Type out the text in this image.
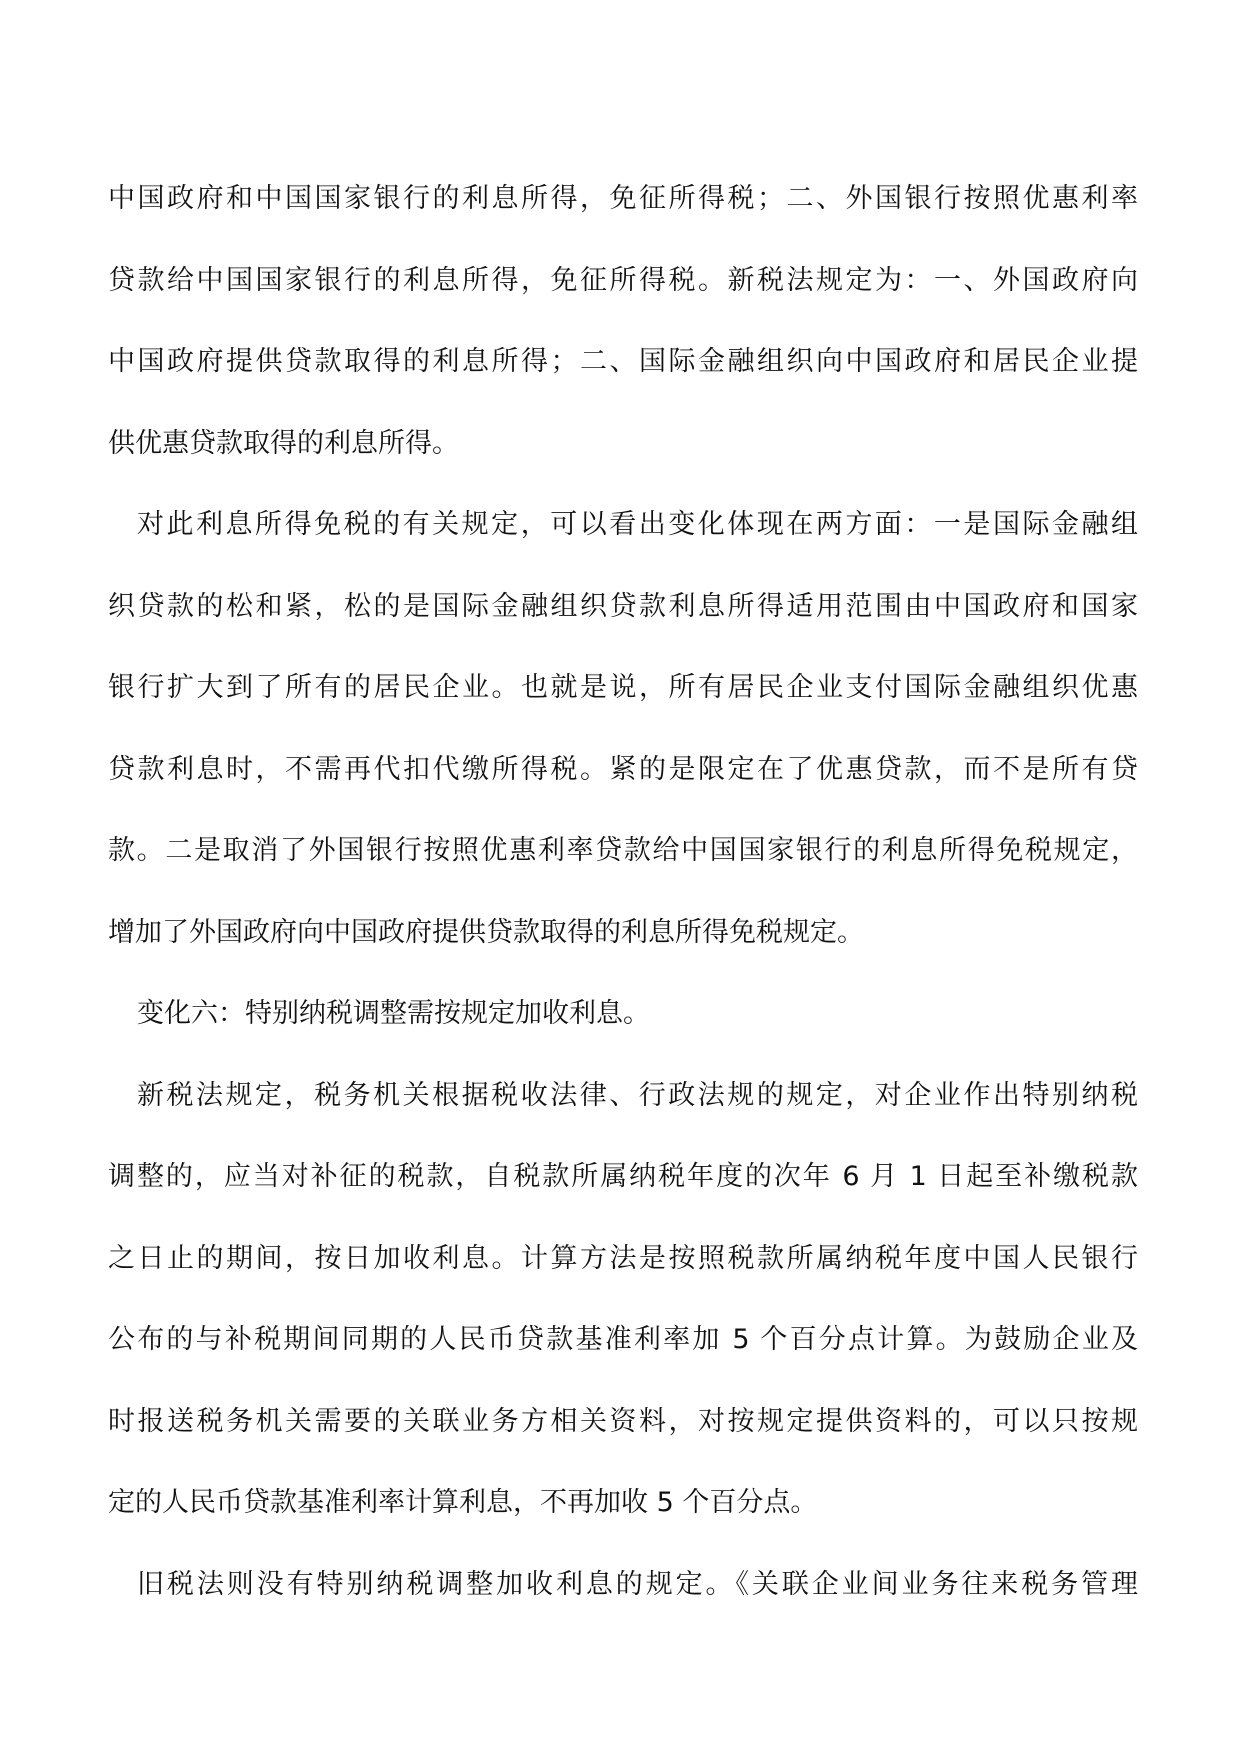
中国政府和中国国家银行的利息所得，免征所得税；二、外国银行按照优惠利率
贷款给中国国家银行的利息所得，免征所得税。新税法规定为：一、外国政府向
中国政府提供贷款取得的利息所得；二、国际金融组织向中国政府和居民企业提
供优惠贷款取得的利息所得。
对此利息所得免税的有关规定，可以看出变化体现在两方面：一是国际金融组
织贷款的松和紧，松的是国际金融组织贷款利息所得适用范围由中国政府和国家
银行扩大到了所有的居民企业。也就是说，所有居民企业支付国际金融组织优惠
贷款利息时，不需再代扣代缴所得税。紧的是限定在了优惠贷款，而不是所有贷
款。二是取消了外国银行按照优惠利率贷款给中国国家银行的利息所得免税规定，
增加了外国政府向中国政府提供贷款取得的利息所得免税规定。
变化六：特别纳税调整需按规定加收利息。
新税法规定，税务机关根据税收法律、行政法规的规定，对企业作出特别纳税
调整的，应当对补征的税款，自税款所属纳税年度的次年 6 月 1 日起至补缴税款
之日止的期间，按日加收利息。计算方法是按照税款所属纳税年度中国人民银行
公布的与补税期间同期的人民币贷款基准利率加 5 个百分点计算。为鼓励企业及
时报送税务机关需要的关联业务方相关资料，对按规定提供资料的，可以只按规
定的人民币贷款基准利率计算利息，不再加收 5 个百分点。
旧税法则没有特别纳税调整加收利息的规定。《关联企业间业务往来税务管理
